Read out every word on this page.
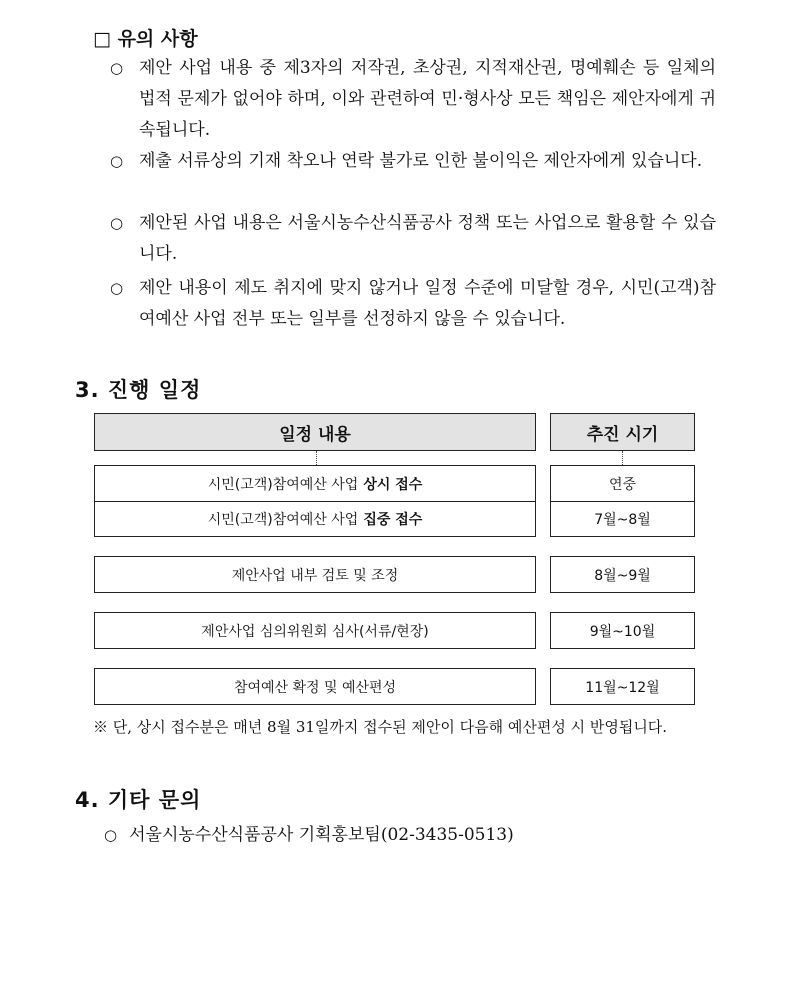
□ 유의 사항
○ 제안 사업 내용 중 제3자의 저작권, 초상권, 지적재산권, 명예훼손 등 일체의 법적 문제가 없어야 하며, 이와 관련하여 민·형사상 모든 책임은 제안자에게 귀속됩니다.
○ 제출 서류상의 기재 착오나 연락 불가로 인한 불이익은 제안자에게 있습니다.
○ 제안된 사업 내용은 서울시농수산식품공사 정책 또는 사업으로 활용할 수 있습니다.
○ 제안 내용이 제도 취지에 맞지 않거나 일정 수준에 미달할 경우, 시민(고객)참여예산 사업 전부 또는 일부를 선정하지 않을 수 있습니다.
3. 진행 일정
일정 내용	추진 시기
시민(고객)참여예산 사업 상시 접수	연중
시민(고객)참여예산 사업 집중 접수	7월~8월
제안사업 내부 검토 및 조정	8월~9월
제안사업 심의위원회 심사(서류/현장)	9월~10월
참여예산 확정 및 예산편성	11월~12월
※ 단, 상시 접수분은 매년 8월 31일까지 접수된 제안이 다음해 예산편성 시 반영됩니다.
4. 기타 문의
○ 서울시농수산식품공사 기획홍보팀(02-3435-0513)
